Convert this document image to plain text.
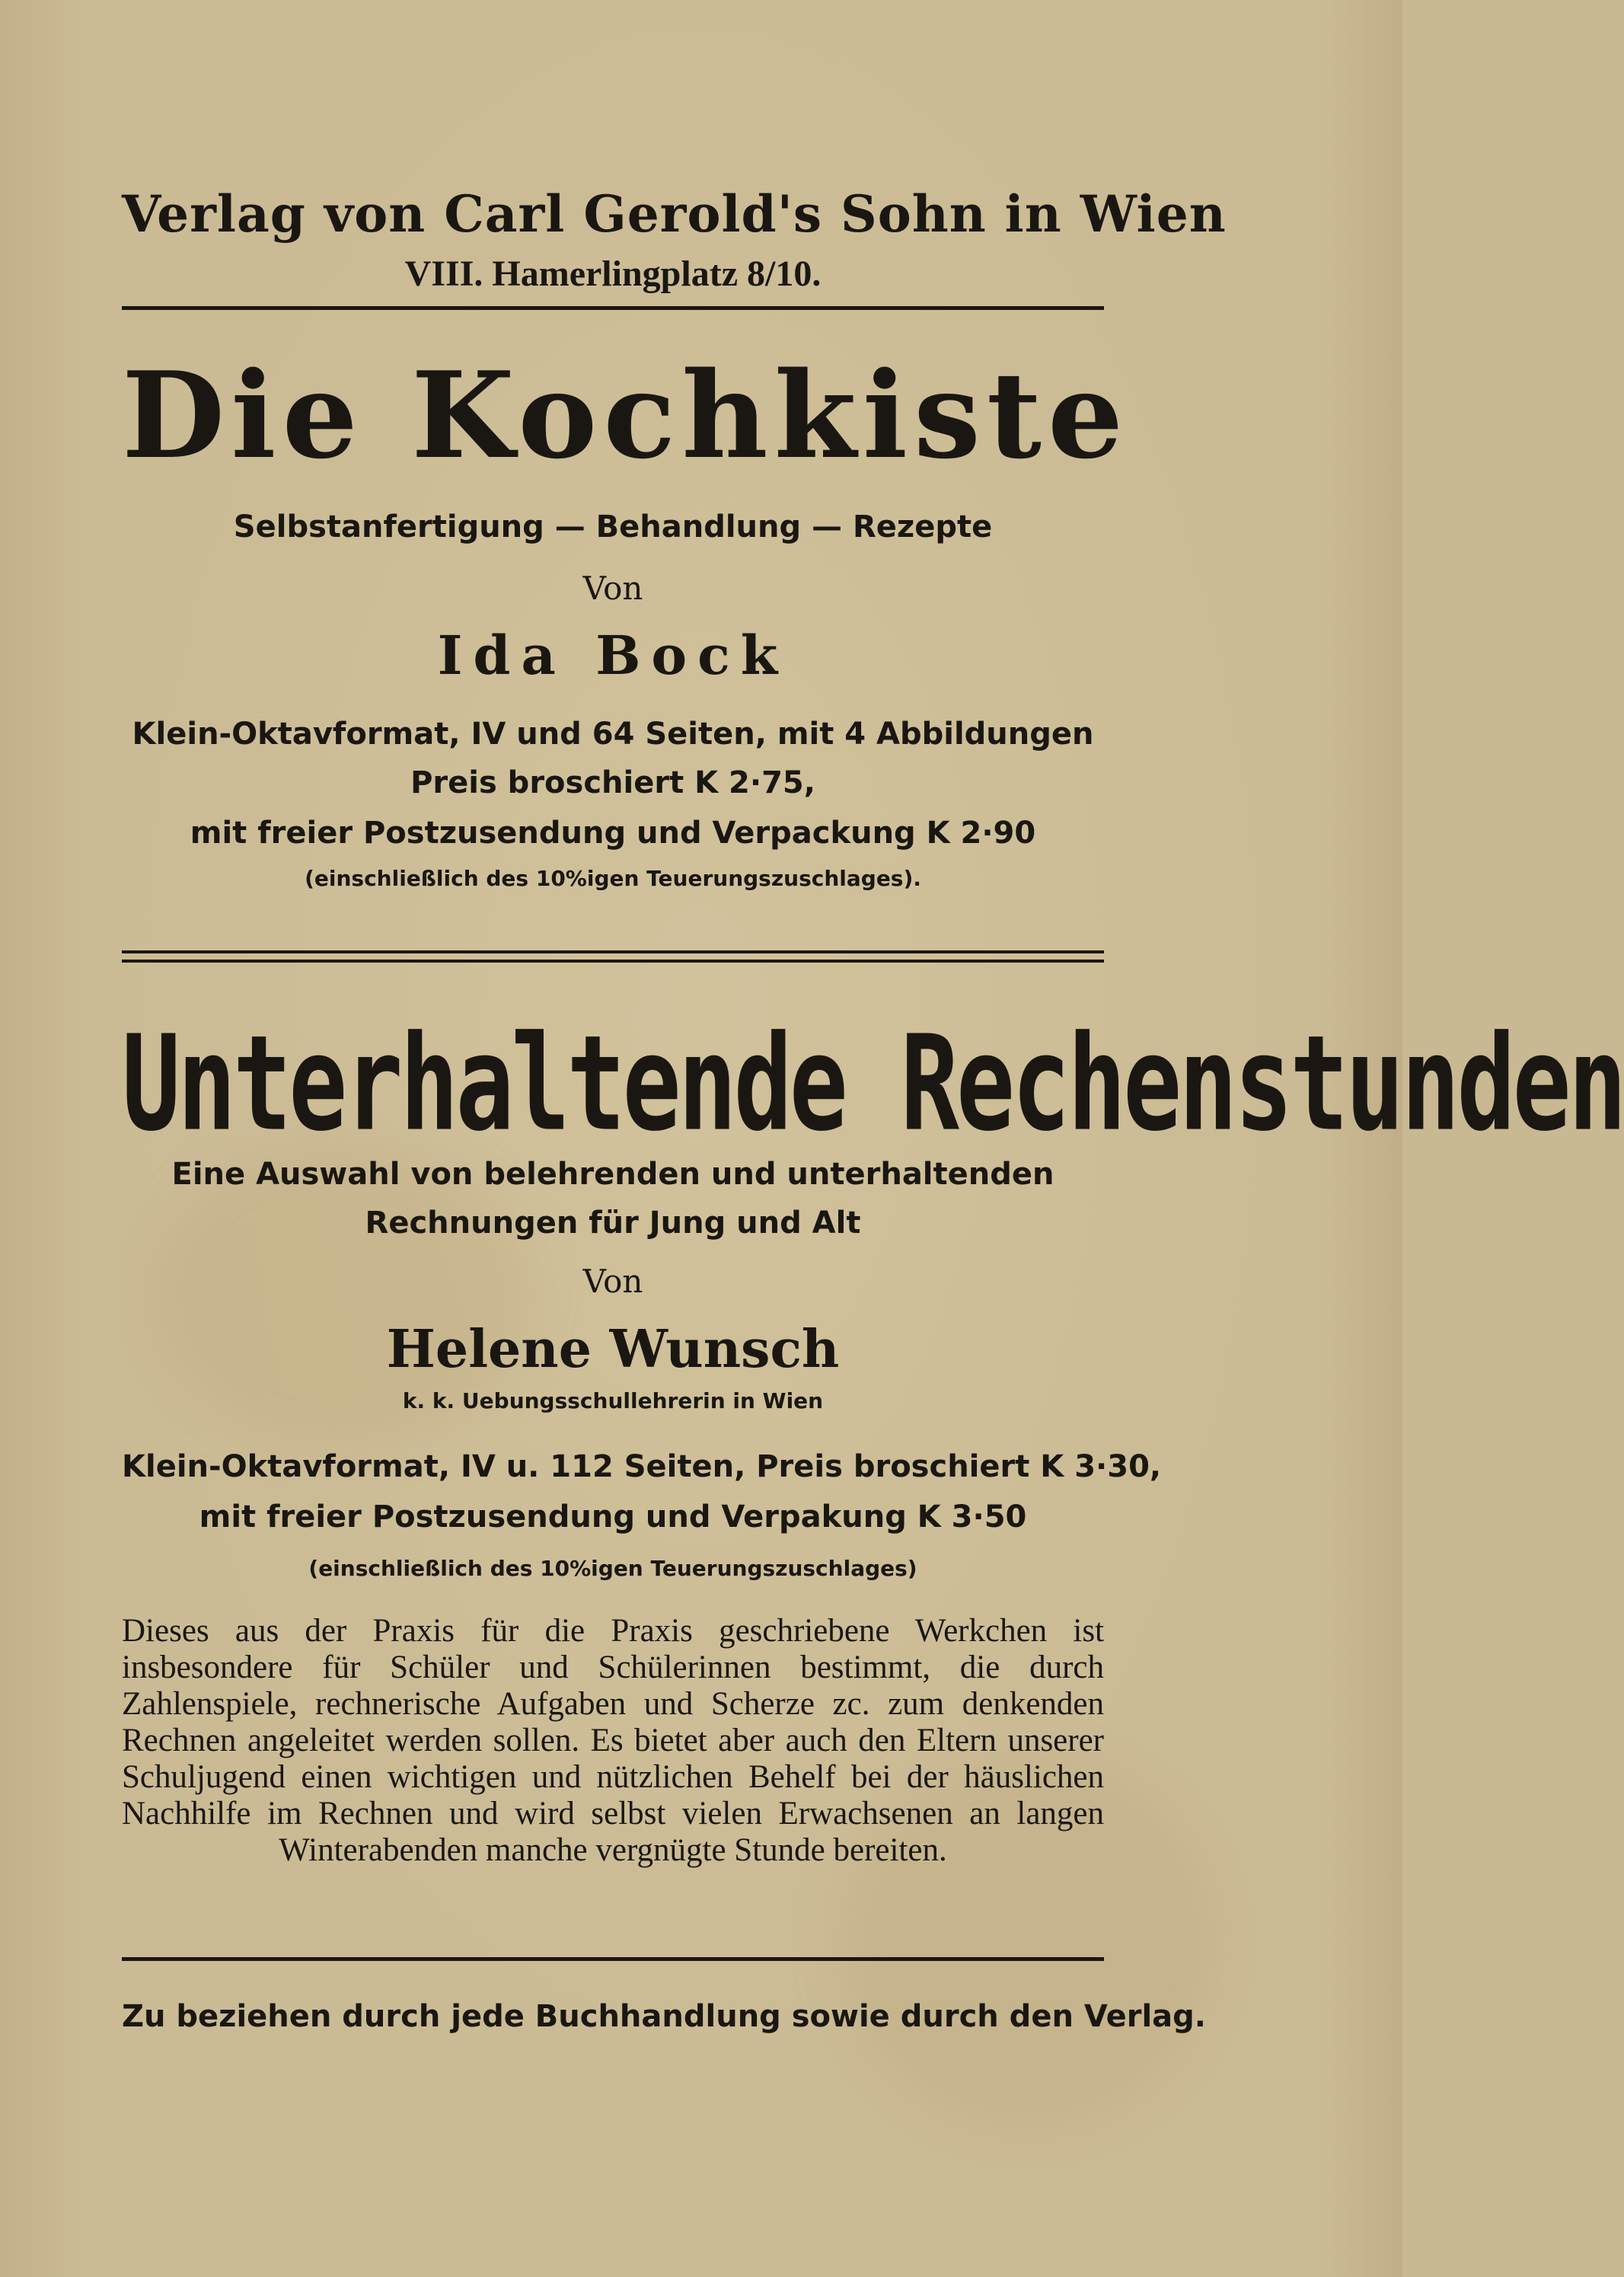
Verlag von Carl Gerold's Sohn in Wien
VIII. Hamerlingplatz 8/10.
Die Kochkiste
Selbstanfertigung — Behandlung — Rezepte
Von
Ida Bock
Klein-Oktavformat, IV und 64 Seiten, mit 4 Abbildungen
Preis broschiert K 2·75,
mit freier Postzusendung und Verpackung K 2·90
(einschließlich des 10%igen Teuerungszuschlages).
Unterhaltende Rechenstunden
Eine Auswahl von belehrenden und unterhaltenden
Rechnungen für Jung und Alt
Von
Helene Wunsch
k. k. Uebungsschullehrerin in Wien
Klein-Oktavformat, IV u. 112 Seiten, Preis broschiert K 3·30,
mit freier Postzusendung und Verpakung K 3·50
(einschließlich des 10%igen Teuerungszuschlages)
Dieses aus der Praxis für die Praxis geschriebene Werkchen ist insbesondere für Schüler und Schülerinnen bestimmt, die durch Zahlenspiele, rechnerische Aufgaben und Scherze zc. zum denkenden Rechnen angeleitet werden sollen. Es bietet aber auch den Eltern unserer Schuljugend einen wichtigen und nützlichen Behelf bei der häuslichen Nachhilfe im Rechnen und wird selbst vielen Erwachsenen an langen Winterabenden manche vergnügte Stunde bereiten.
Zu beziehen durch jede Buchhandlung sowie durch den Verlag.
